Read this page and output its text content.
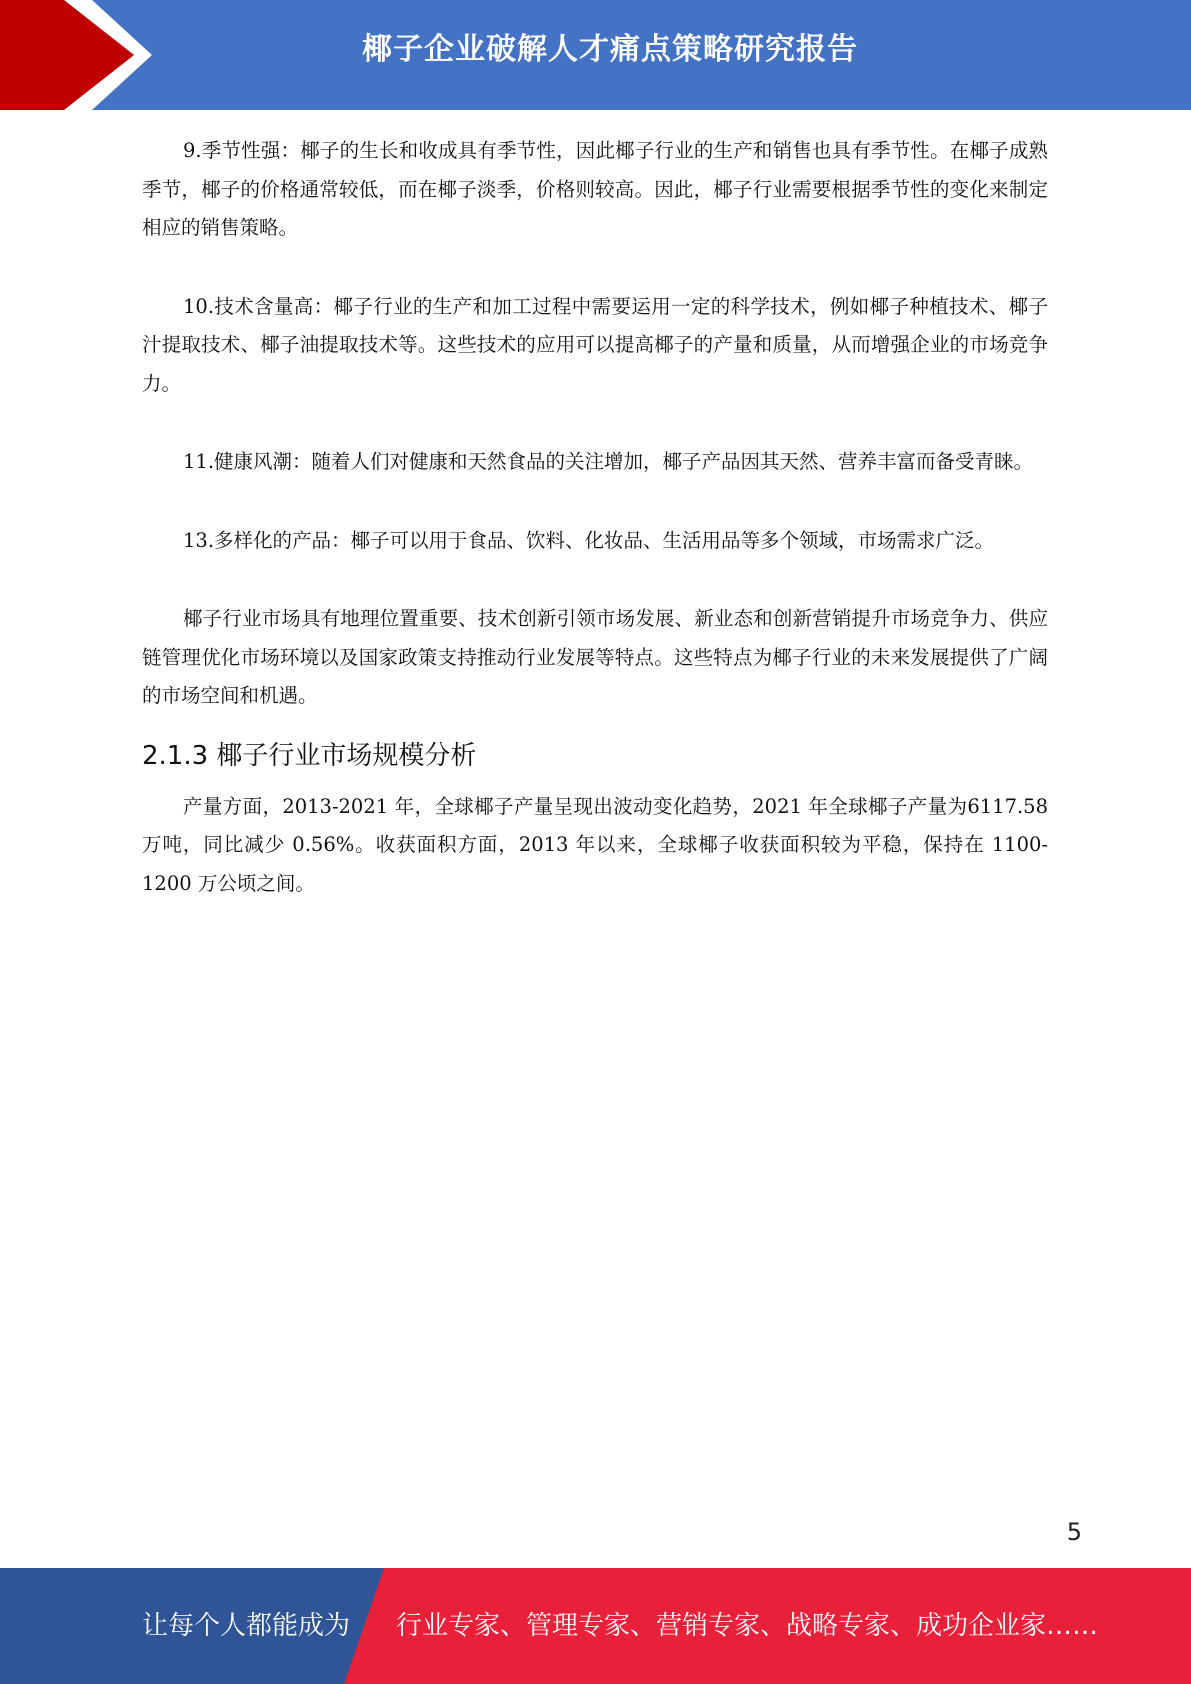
椰子企业破解人才痛点策略研究报告

9.季节性强：椰子的生长和收成具有季节性，因此椰子行业的生产和销售也具有季节性。在椰子成熟季节，椰子的价格通常较低，而在椰子淡季，价格则较高。因此，椰子行业需要根据季节性的变化来制定相应的销售策略。

10.技术含量高：椰子行业的生产和加工过程中需要运用一定的科学技术，例如椰子种植技术、椰子汁提取技术、椰子油提取技术等。这些技术的应用可以提高椰子的产量和质量，从而增强企业的市场竞争力。

11.健康风潮：随着人们对健康和天然食品的关注增加，椰子产品因其天然、营养丰富而备受青睐。

13.多样化的产品：椰子可以用于食品、饮料、化妆品、生活用品等多个领域，市场需求广泛。

椰子行业市场具有地理位置重要、技术创新引领市场发展、新业态和创新营销提升市场竞争力、供应链管理优化市场环境以及国家政策支持推动行业发展等特点。这些特点为椰子行业的未来发展提供了广阔的市场空间和机遇。

2.1.3 椰子行业市场规模分析

产量方面，2013-2021 年，全球椰子产量呈现出波动变化趋势，2021 年全球椰子产量为6117.58 万吨，同比减少 0.56%。收获面积方面，2013 年以来，全球椰子收获面积较为平稳，保持在 1100-1200 万公顷之间。

5
让每个人都能成为 行业专家、管理专家、营销专家、战略专家、成功企业家……
